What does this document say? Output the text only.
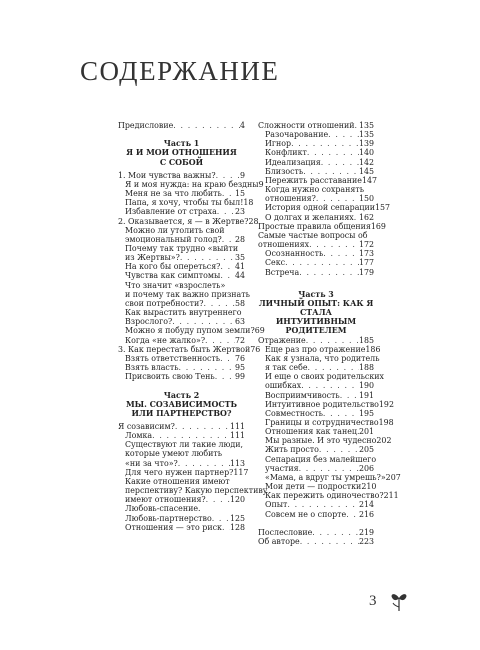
СОДЕРЖАНИЕ
Предисловие . . .	4
Часть 1
Я И МОИ ОТНОШЕНИЯ
С СОБОЙ
1. Мои чувства важны? . . .	9
Я и моя нужда: на краю бездны 9
Меня не за что любить . . . 15
Папа, я хочу, чтобы ты был! 18
Избавление от страха . . . 23
2. Оказывается, я — в Жертве? 28
Можно ли утолить свой
эмоциональный голод? . . . 28
Почему так трудно «выйти
из Жертвы»? . . .	35
На кого бы опереться? . . . 41
Чувства как симптомы . . . 44
Что значит «взрослеть»
и почему так важно признать
свои потребности? . . .	58
Как вырастить внутреннего
Взрослого? . . .	63
Можно я побуду пупом земли? 69
Когда «не жалко»? . . .	72
3. Как перестать быть Жертвой 76
Взять ответственность . . . 76
Взять власть . . .	95
Присвоить свою Тень . . .	99
Часть 2
МЫ. СОЗАВИСИМОСТЬ
ИЛИ ПАРТНЕРСТВО?
Я созависим? . . .	111
Ломка . . .	111
Существуют ли такие люди,
которые умеют любить
«ни за что»? . . .	113
Для чего нужен партнер? 117
Какие отношения имеют
перспективу? Какую перспективу
имеют отношения? . . .	120
Любовь-спасение.
Любовь-партнерство . . . 125
Отношения — это риск . . . 128
Сложности отношений . . . 135
Разочарование . . .	135
Игнор . . .	139
Конфликт . . .	140
Идеализация . . .	142
Близость . . .	145
Пережить расставание 147
Когда нужно сохранять
отношения? . . .	150
История одной сепарации 157
О долгах и желаниях . . . 162
Простые правила общения 169
Самые частые вопросы об
отношениях . . .	172
Осознанность . . .	173
Секс . . .	177
Встреча . . .	179
Часть 3
ЛИЧНЫЙ ОПЫТ: КАК Я СТАЛА
ИНТУИТИВНЫМ РОДИТЕЛЕМ
Отражение . . .	185
Еще раз про отражение 186
Как я узнала, что родитель
я так себе . . .	188
И еще о своих родительских
ошибках . . .	190
Восприимчивость . . . 191
Интуитивное родительство 192
Совместность . . .	195
Границы и сотрудничество 198
Отношения как танец . . . 201
Мы разные. И это чудесно 202
Жить просто . . .	205
Сепарация без малейшего
участия . . .	206
«Мама, а вдруг ты умрешь?» 207
Мои дети — подростки 210
Как пережить одиночество? 211
Опыт . . .	214
Совсем не о спорте . . . 216
Послесловие . . .	219
Об авторе . . .	223
3
